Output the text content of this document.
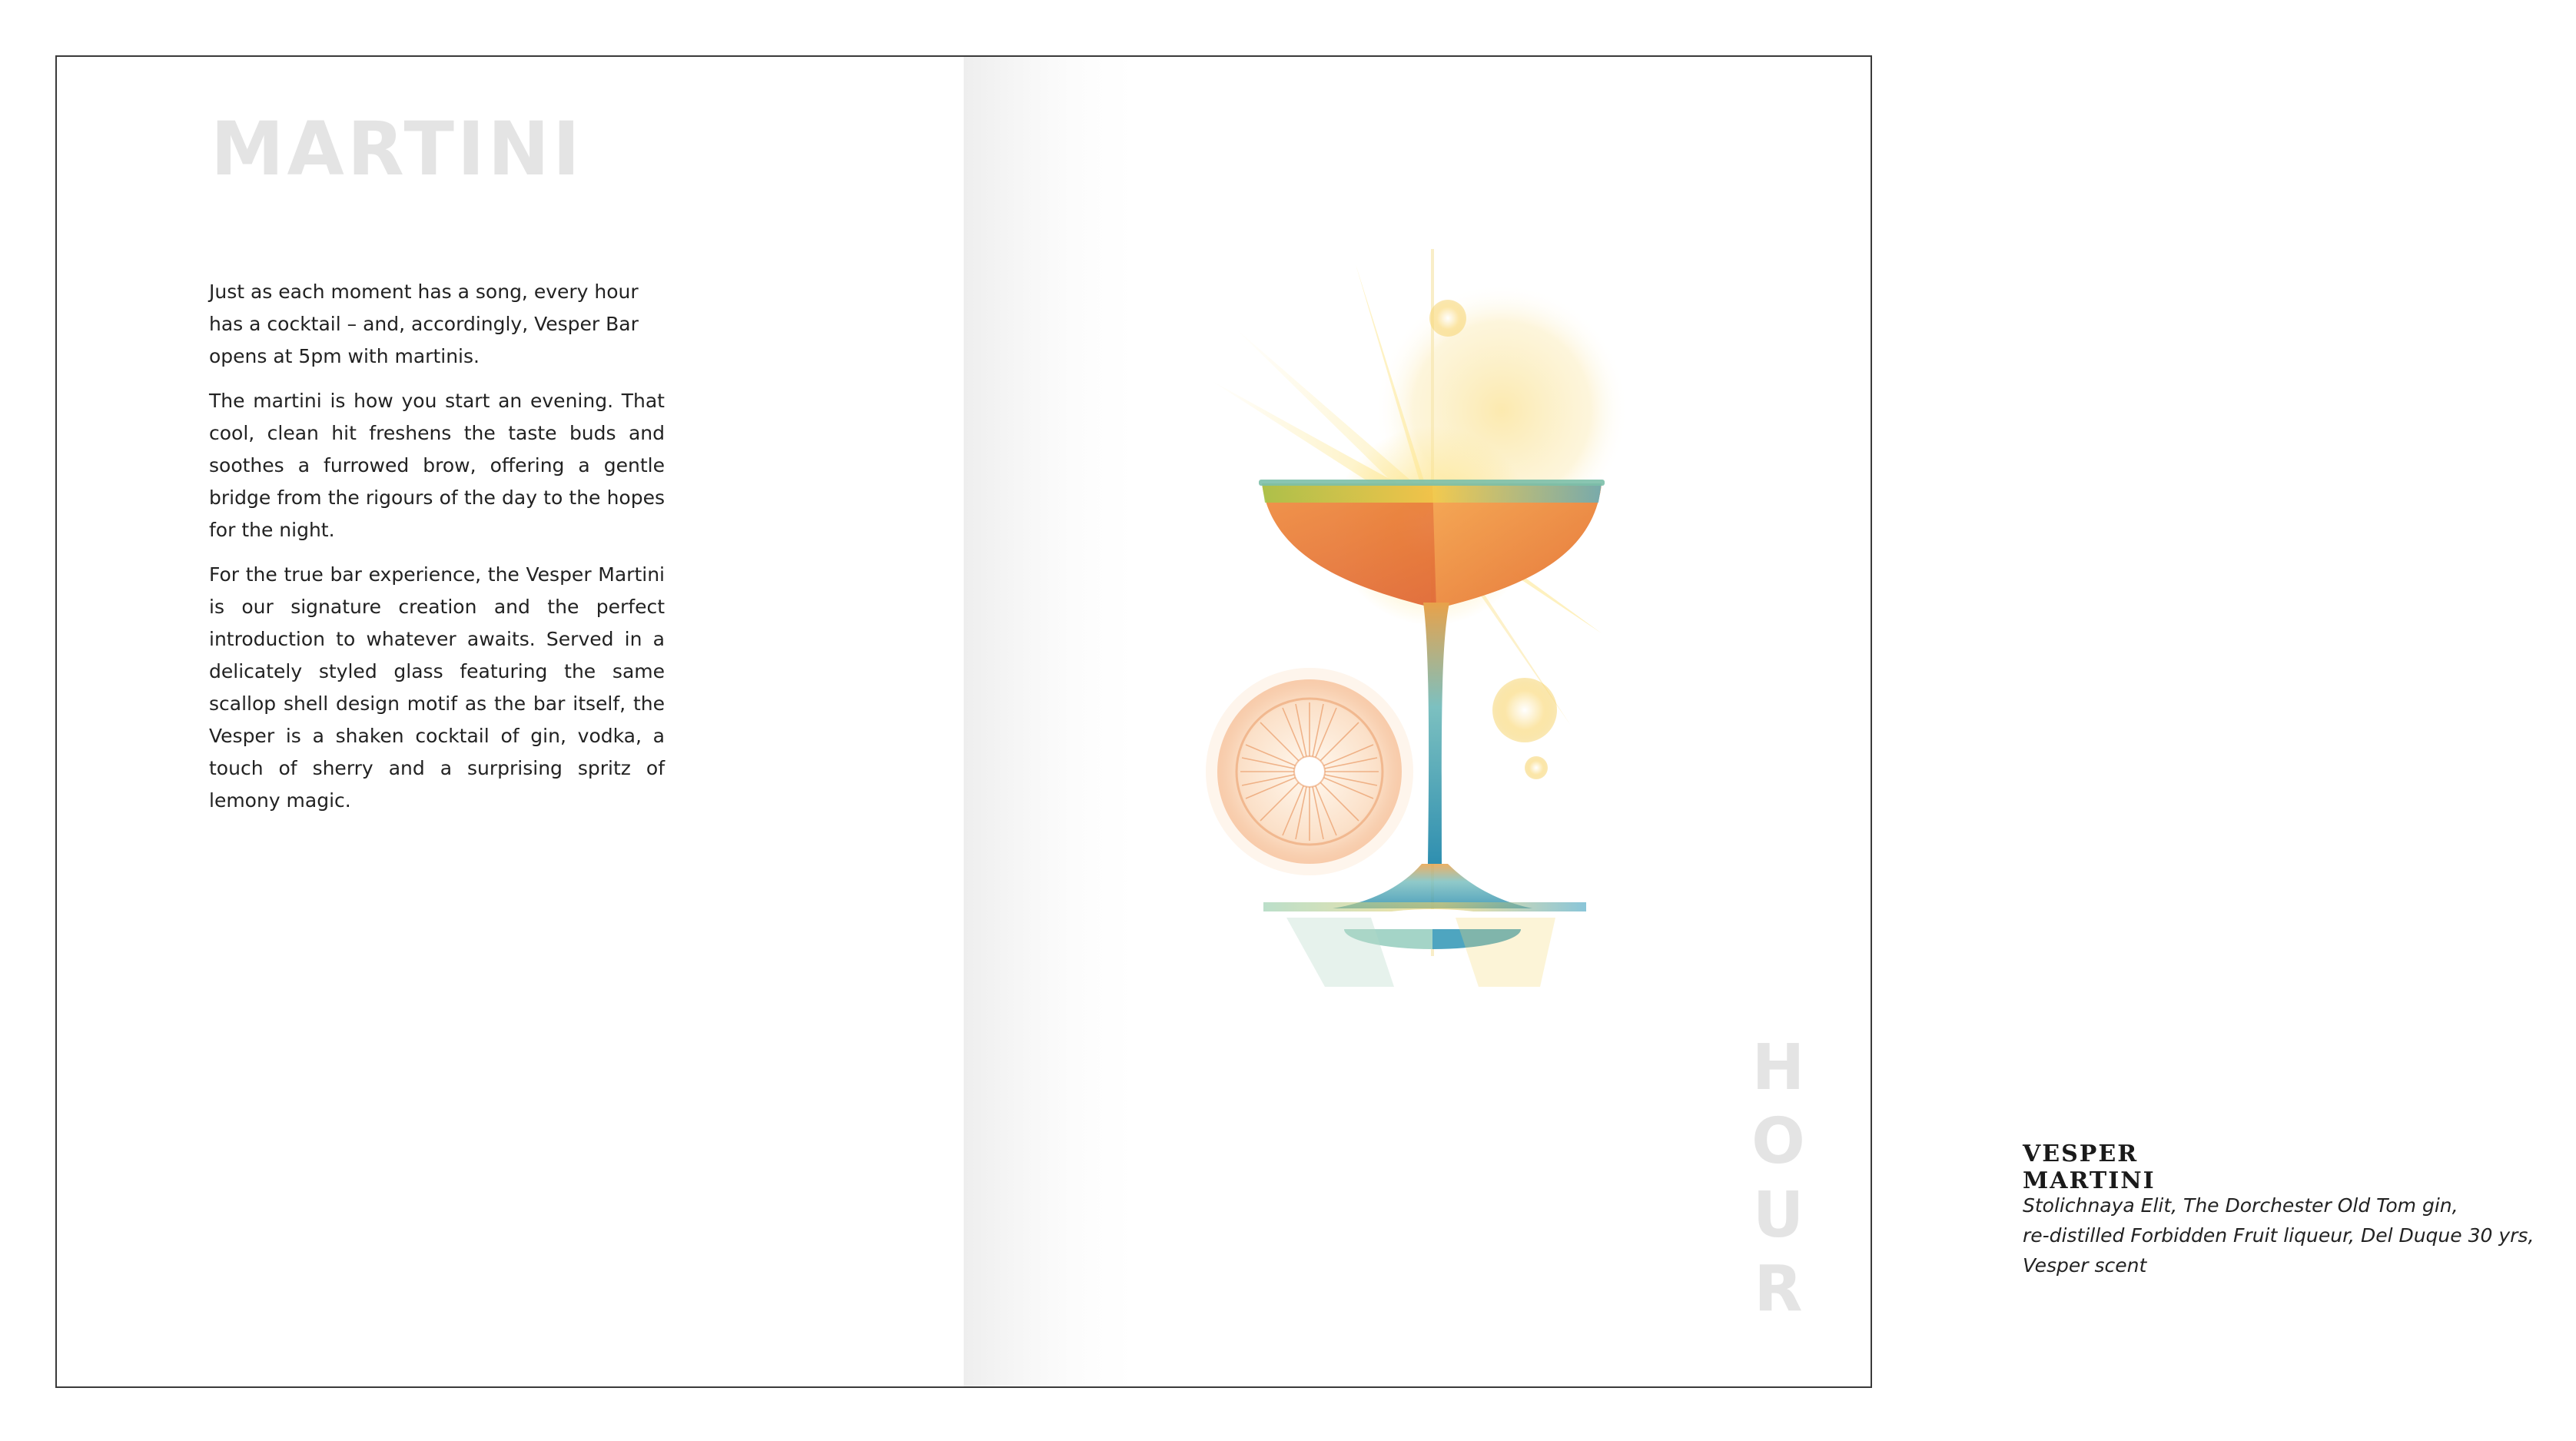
MARTINI

Just as each moment has a song, every hour has a cocktail – and, accordingly, Vesper Bar opens at 5pm with martinis.

The martini is how you start an evening. That cool, clean hit freshens the taste buds and soothes a furrowed brow, offering a gentle bridge from the rigours of the day to the hopes for the night.

For the true bar experience, the Vesper Martini is our signature creation and the perfect introduction to whatever awaits. Served in a delicately styled glass featuring the same scallop shell design motif as the bar itself, the Vesper is a shaken cocktail of gin, vodka, a touch of sherry and a surprising spritz of lemony magic.

VESPER MARTINI
Stolichnaya Elit, The Dorchester Old Tom gin,
re-distilled Forbidden Fruit liqueur, Del Duque 30 yrs,
Vesper scent
H
O
U
R
